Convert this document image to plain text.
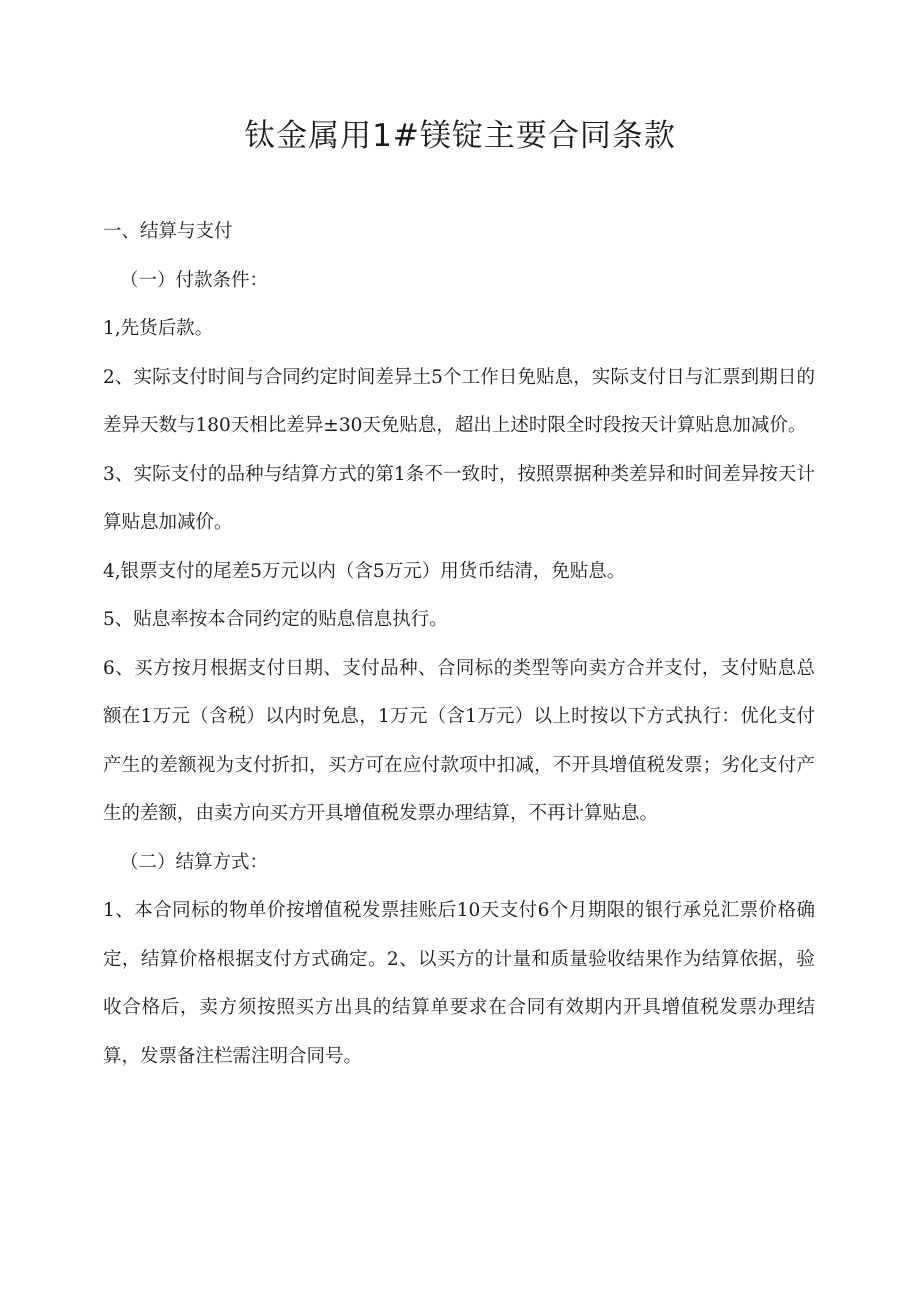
钛金属用1#镁锭主要合同条款

一、结算与支付

（一）付款条件：

1,先货后款。

2、实际支付时间与合同约定时间差异土5个工作日免贴息，实际支付日与汇票到期日的差异天数与180天相比差异±30天免贴息，超出上述时限全时段按天计算贴息加减价。

3、实际支付的品种与结算方式的第1条不一致时，按照票据种类差异和时间差异按天计算贴息加减价。

4,银票支付的尾差5万元以内（含5万元）用货币结清，免贴息。

5、贴息率按本合同约定的贴息信息执行。

6、买方按月根据支付日期、支付品种、合同标的类型等向卖方合并支付，支付贴息总额在1万元（含税）以内时免息，1万元（含1万元）以上时按以下方式执行：优化支付产生的差额视为支付折扣，买方可在应付款项中扣减，不开具增值税发票；劣化支付产生的差额，由卖方向买方开具增值税发票办理结算，不再计算贴息。

（二）结算方式：

1、本合同标的物单价按增值税发票挂账后10天支付6个月期限的银行承兑汇票价格确定，结算价格根据支付方式确定。2、以买方的计量和质量验收结果作为结算依据，验收合格后，卖方须按照买方出具的结算单要求在合同有效期内开具增值税发票办理结算，发票备注栏需注明合同号。
